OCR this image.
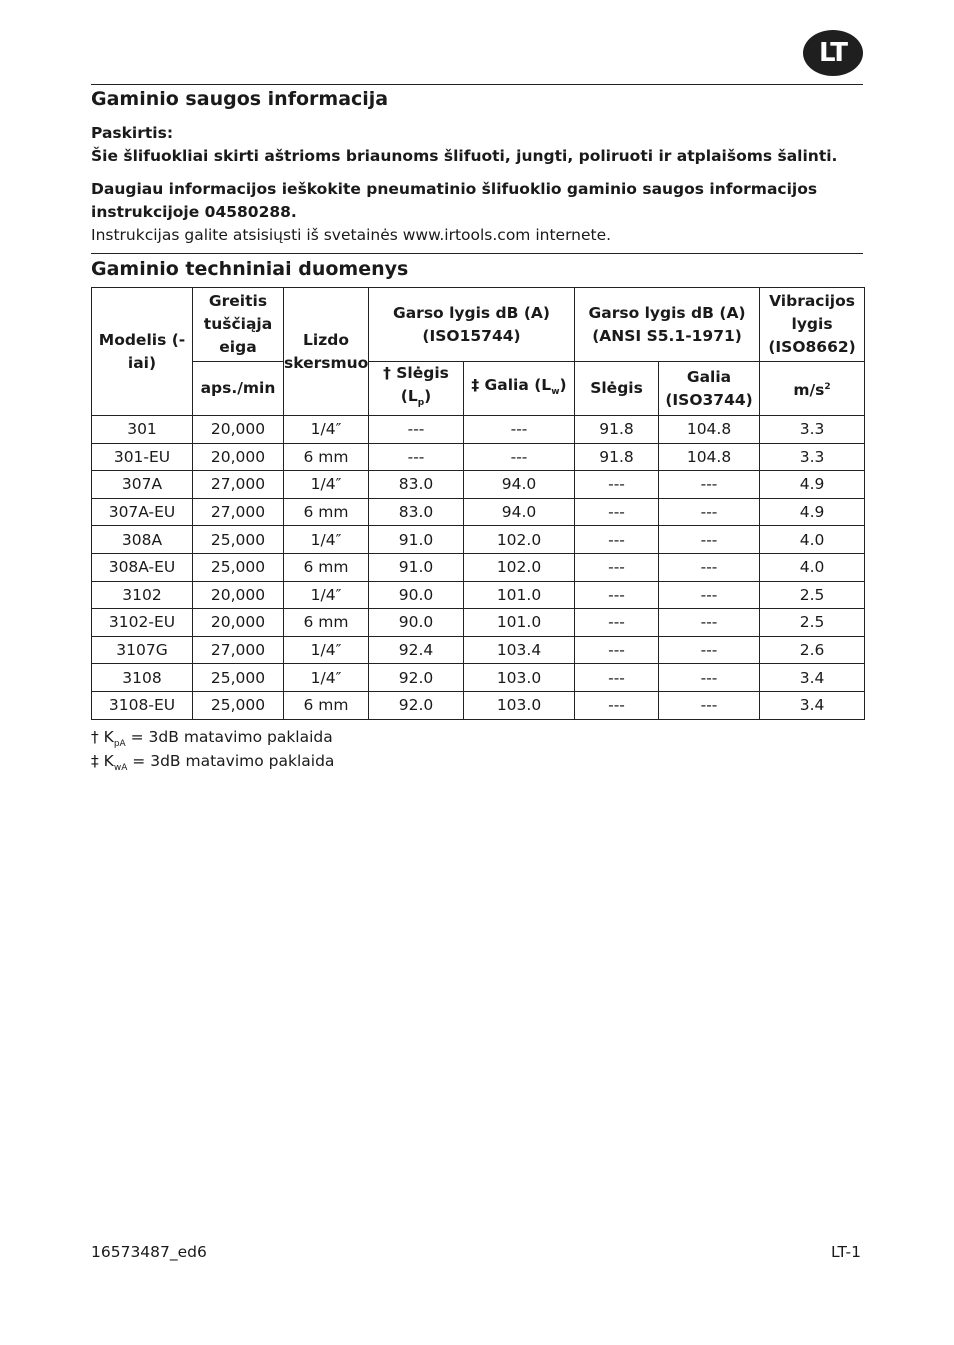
LT
Gaminio saugos informacija
Paskirtis:
Šie šlifuokliai skirti aštrioms briaunoms šlifuoti, jungti, poliruoti ir atplaišoms šalinti.
Daugiau informacijos ieškokite pneumatinio šlifuoklio gaminio saugos informacijos
instrukcijoje 04580288.
Instrukcijas galite atsisiųsti iš svetainės www.irtools.com internete.
Gaminio techniniai duomenys
Modelis (-iai)	Greitis tuščiąja eiga	Lizdo skersmuo	Garso lygis dB (A) (ISO15744)		Garso lygis dB (A) (ANSI S5.1-1971)		Vibracijos lygis (ISO8662)
	aps./min		† Slėgis $(L_p)$	‡ Galia $(L_w)$	Slėgis	Galia (ISO3744)	$m/s^2$
301	20,000	1/4″	---	---	91.8	104.8	3.3
301-EU	20,000	6 mm	---	---	91.8	104.8	3.3
307A	27,000	1/4″	83.0	94.0	---	---	4.9
307A-EU	27,000	6 mm	83.0	94.0	---	---	4.9
308A	25,000	1/4″	91.0	102.0	---	---	4.0
308A-EU	25,000	6 mm	91.0	102.0	---	---	4.0
3102	20,000	1/4″	90.0	101.0	---	---	2.5
3102-EU	20,000	6 mm	90.0	101.0	---	---	2.5
3107G	27,000	1/4″	92.4	103.4	---	---	2.6
3108	25,000	1/4″	92.0	103.0	---	---	3.4
3108-EU	25,000	6 mm	92.0	103.0	---	---	3.4
† $K_{pA} = 3dB$ matavimo paklaida
‡ $K_{wA} = 3dB$ matavimo paklaida
16573487_ed6	LT-1
